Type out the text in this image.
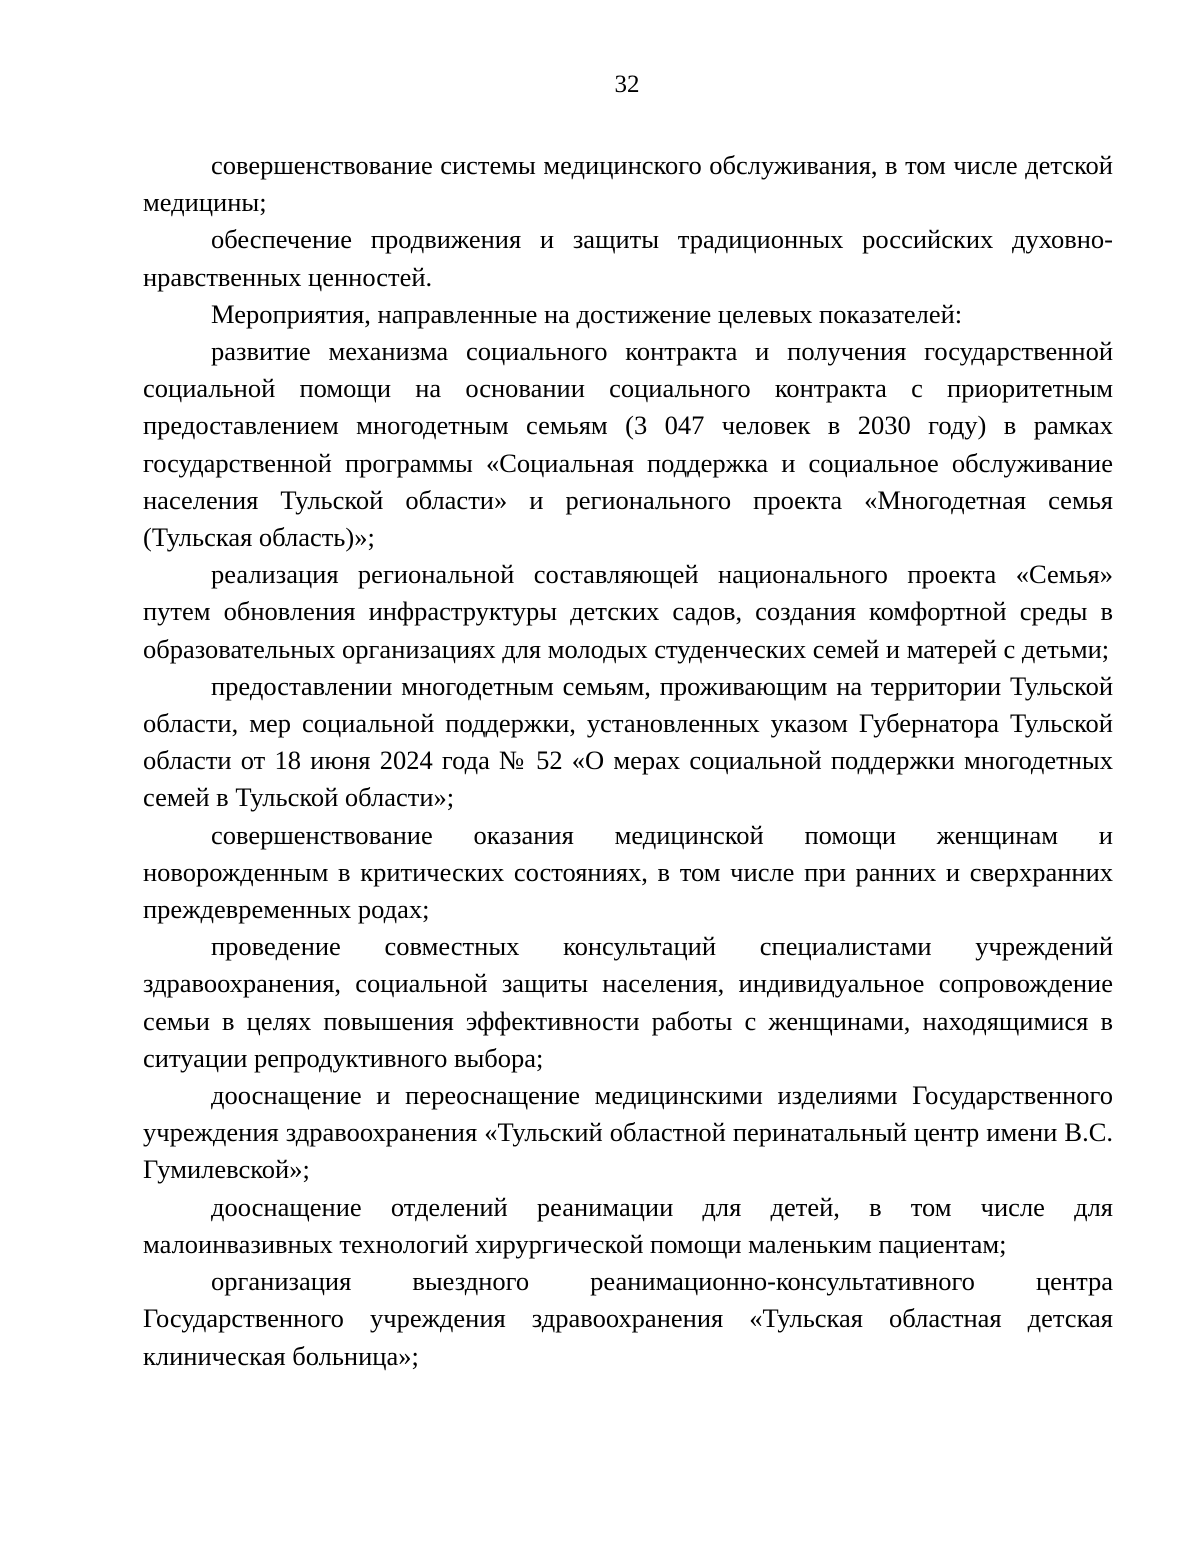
32

совершенствование системы медицинского обслуживания, в том числе детской медицины;

обеспечение продвижения и защиты традиционных российских духовно-нравственных ценностей.

Мероприятия, направленные на достижение целевых показателей:

развитие механизма социального контракта и получения государственной социальной помощи на основании социального контракта с приоритетным предоставлением многодетным семьям (3 047 человек в 2030 году) в рамках государственной программы «Социальная поддержка и социальное обслуживание населения Тульской области» и регионального проекта «Многодетная семья (Тульская область)»;

реализация региональной составляющей национального проекта «Семья» путем обновления инфраструктуры детских садов, создания комфортной среды в образовательных организациях для молодых студенческих семей и матерей с детьми;

предоставлении многодетным семьям, проживающим на территории Тульской области, мер социальной поддержки, установленных указом Губернатора Тульской области от 18 июня 2024 года № 52 «О мерах социальной поддержки многодетных семей в Тульской области»;

совершенствование оказания медицинской помощи женщинам и новорожденным в критических состояниях, в том числе при ранних и сверхранних преждевременных родах;

проведение совместных консультаций специалистами учреждений здравоохранения, социальной защиты населения, индивидуальное сопровождение семьи в целях повышения эффективности работы с женщинами, находящимися в ситуации репродуктивного выбора;

дооснащение и переоснащение медицинскими изделиями Государственного учреждения здравоохранения «Тульский областной перинатальный центр имени В.С. Гумилевской»;

дооснащение отделений реанимации для детей, в том числе для малоинвазивных технологий хирургической помощи маленьким пациентам;

организация выездного реанимационно-консультативного центра Государственного учреждения здравоохранения «Тульская областная детская клиническая больница»;
